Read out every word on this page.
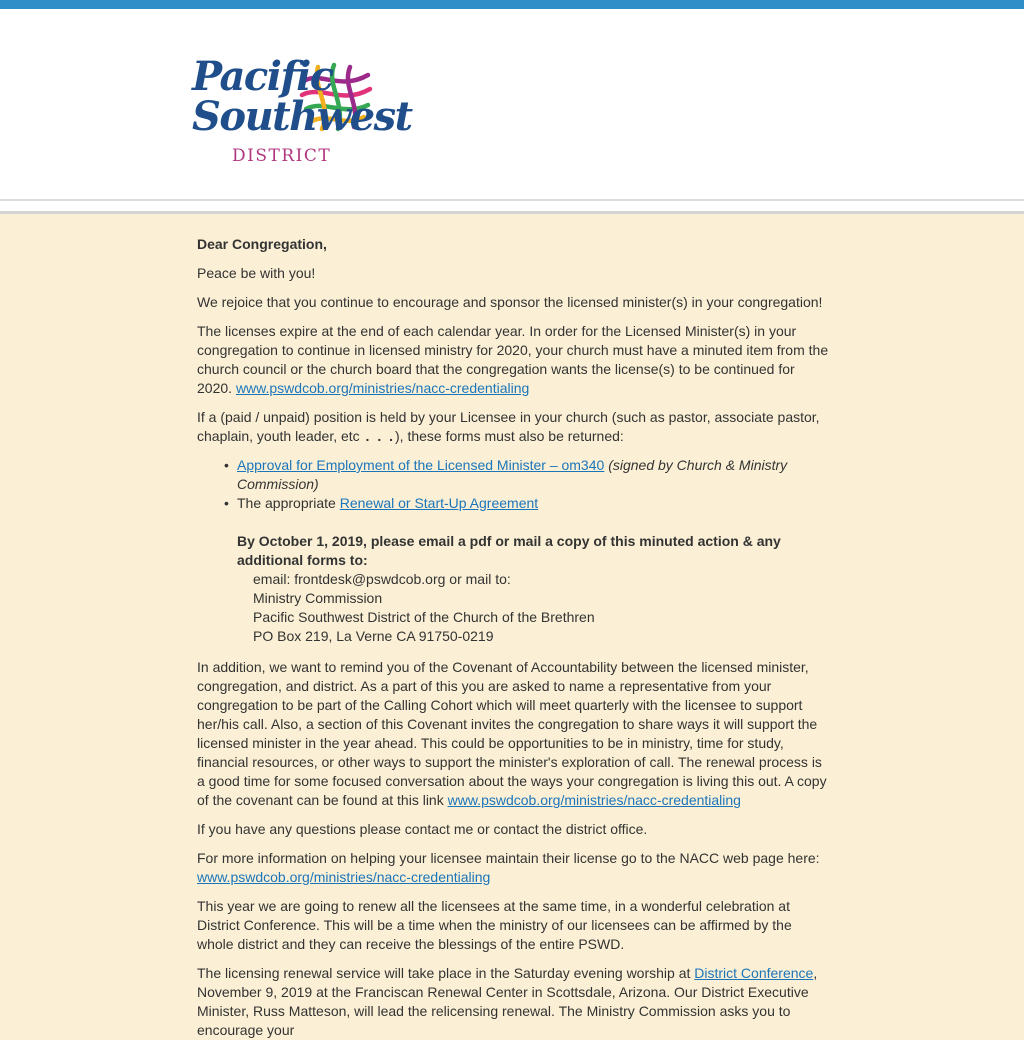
Pacific
Southwest
DISTRICT

Dear Congregation,

Peace be with you!

We rejoice that you continue to encourage and sponsor the licensed minister(s) in your congregation!

The licenses expire at the end of each calendar year. In order for the Licensed Minister(s) in your congregation to continue in licensed ministry for 2020, your church must have a minuted item from the church council or the church board that the congregation wants the license(s) to be continued for 2020. www.pswdcob.org/ministries/nacc-credentialing

If a (paid / unpaid) position is held by your Licensee in your church (such as pastor, associate pastor, chaplain, youth leader, etc . . .), these forms must also be returned:

• Approval for Employment of the Licensed Minister – om340 (signed by Church & Ministry Commission)
• The appropriate Renewal or Start-Up Agreement
By October 1, 2019, please email a pdf or mail a copy of this minuted action & any additional forms to:
email: frontdesk@pswdcob.org or mail to:
Ministry Commission
Pacific Southwest District of the Church of the Brethren
PO Box 219, La Verne CA 91750-0219

In addition, we want to remind you of the Covenant of Accountability between the licensed minister, congregation, and district. As a part of this you are asked to name a representative from your congregation to be part of the Calling Cohort which will meet quarterly with the licensee to support her/his call. Also, a section of this Covenant invites the congregation to share ways it will support the licensed minister in the year ahead. This could be opportunities to be in ministry, time for study, financial resources, or other ways to support the minister's exploration of call. The renewal process is a good time for some focused conversation about the ways your congregation is living this out. A copy of the covenant can be found at this link www.pswdcob.org/ministries/nacc-credentialing

If you have any questions please contact me or contact the district office.

For more information on helping your licensee maintain their license go to the NACC web page here: www.pswdcob.org/ministries/nacc-credentialing

This year we are going to renew all the licensees at the same time, in a wonderful celebration at District Conference. This will be a time when the ministry of our licensees can be affirmed by the whole district and they can receive the blessings of the entire PSWD.

The licensing renewal service will take place in the Saturday evening worship at District Conference, November 9, 2019 at the Franciscan Renewal Center in Scottsdale, Arizona. Our District Executive Minister, Russ Matteson, will lead the relicensing renewal. The Ministry Commission asks you to encourage your
